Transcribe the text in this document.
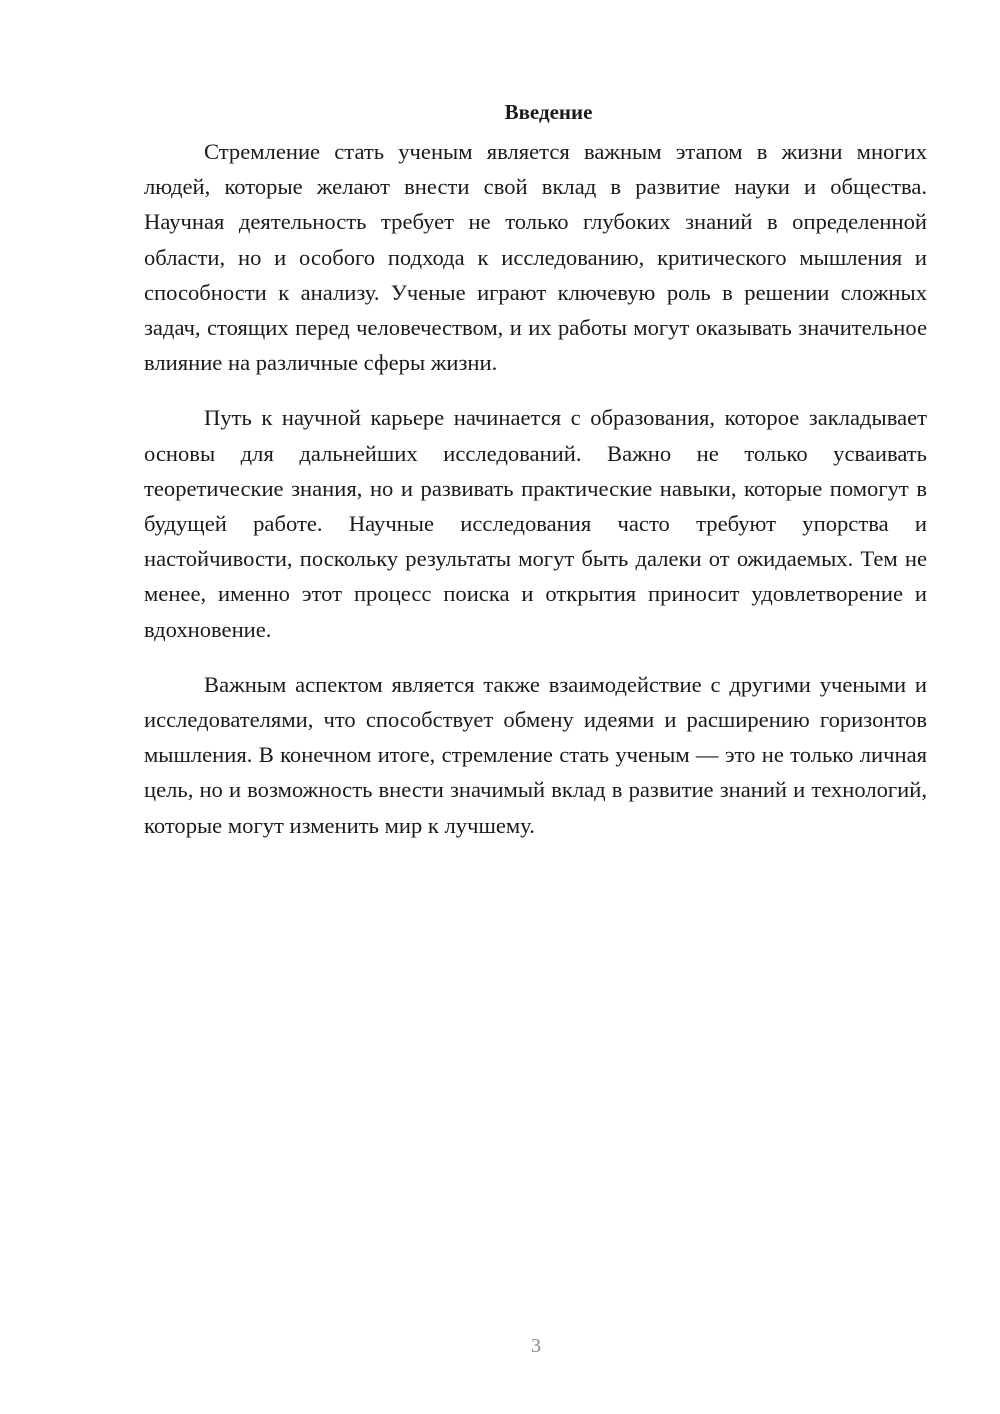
Введение

Стремление стать ученым является важным этапом в жизни многих людей, которые желают внести свой вклад в развитие науки и общества. Научная деятельность требует не только глубоких знаний в определенной области, но и особого подхода к исследованию, критического мышления и способности к анализу. Ученые играют ключевую роль в решении сложных задач, стоящих перед человечеством, и их работы могут оказывать значительное влияние на различные сферы жизни.

Путь к научной карьере начинается с образования, которое закладывает основы для дальнейших исследований. Важно не только усваивать теоретические знания, но и развивать практические навыки, которые помогут в будущей работе. Научные исследования часто требуют упорства и настойчивости, поскольку результаты могут быть далеки от ожидаемых. Тем не менее, именно этот процесс поиска и открытия приносит удовлетворение и вдохновение.

Важным аспектом является также взаимодействие с другими учеными и исследователями, что способствует обмену идеями и расширению горизонтов мышления. В конечном итоге, стремление стать ученым — это не только личная цель, но и возможность внести значимый вклад в развитие знаний и технологий, которые могут изменить мир к лучшему.

3
